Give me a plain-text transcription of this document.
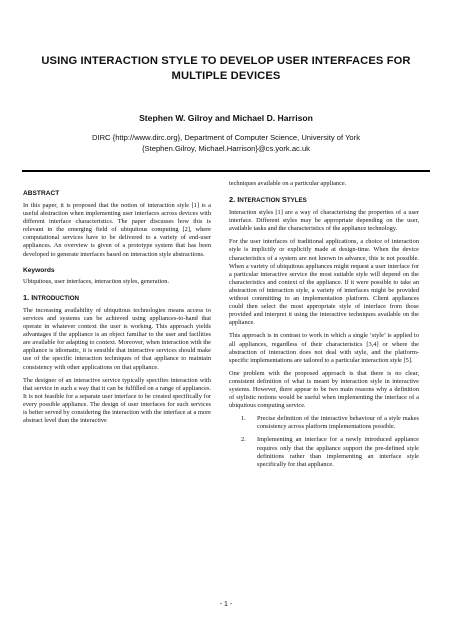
USING INTERACTION STYLE TO DEVELOP USER INTERFACES FOR
MULTIPLE DEVICES
Stephen W. Gilroy and Michael D. Harrison
DIRC {http://www.dirc.org}, Department of Computer Science, University of York
{Stephen.Gilroy, Michael.Harrison}@cs.york.ac.uk
ABSTRACT

In this paper, it is proposed that the notion of interaction style [1] is a useful abstraction when implementing user interfaces across devices with different interface characteristics. The paper discusses how this is relevant in the emerging field of ubiquitous computing [2], where computational services have to be delivered to a variety of end-user appliances. An overview is given of a prototype system that has been developed to generate interfaces based on interaction style abstractions.

Keywords

Ubiquitous, user interfaces, interaction styles, generation.

1. INTRODUCTION

The increasing availability of ubiquitous technologies means access to services and systems can be achieved using appliances-to-hand that operate in whatever context the user is working. This approach yields advantages if the appliance is an object familiar to the user and facilities are available for adapting to context. Moreover, when interaction with the appliance is idiomatic, it is sensible that interactive services should make use of the specific interaction techniques of that appliance to maintain consistency with other applications on that appliance.

The designer of an interactive service typically specifies interaction with that service in such a way that it can be fulfilled on a range of appliances. It is not feasible for a separate user interface to be created specifically for every possible appliance. The design of user interfaces for such services is better served by considering the interaction with the interface at a more abstract level than the interactive

techniques available on a particular appliance.

2. INTERACTION STYLES

Interaction styles [1] are a way of characterising the properties of a user interface. Different styles may be appropriate depending on the user, available tasks and the characteristics of the appliance technology.

For the user interfaces of traditional applications, a choice of interaction style is implicitly or explicitly made at design-time. When the device characteristics of a system are not known in advance, this is not possible. When a variety of ubiquitous appliances might request a user interface for a particular interactive service the most suitable style will depend on the characteristics and context of the appliance. If it were possible to take an abstraction of interaction style, a variety of interfaces might be provided without committing to an implementation platform. Client appliances could then select the most appropriate style of interface from those provided and interpret it using the interactive techniques available on the appliance.

This approach is in contrast to work in which a single ‘style’ is applied to all appliances, regardless of their characteristics [3,4] or where the abstraction of interaction does not deal with style, and the platform-specific implementations are tailored to a particular interaction style [5].

One problem with the proposed approach is that there is no clear, consistent definition of what is meant by interaction style in interactive systems. However, there appear to be two main reasons why a definition of stylistic notions would be useful when implementing the interface of a ubiquitous computing service.

1. Precise definition of the interactive behaviour of a style makes consistency across platform implementations possible.
2. Implementing an interface for a newly introduced appliance requires only that the appliance support the pre-defined style definitions rather than implementing an interface style specifically for that appliance.
- 1 -
